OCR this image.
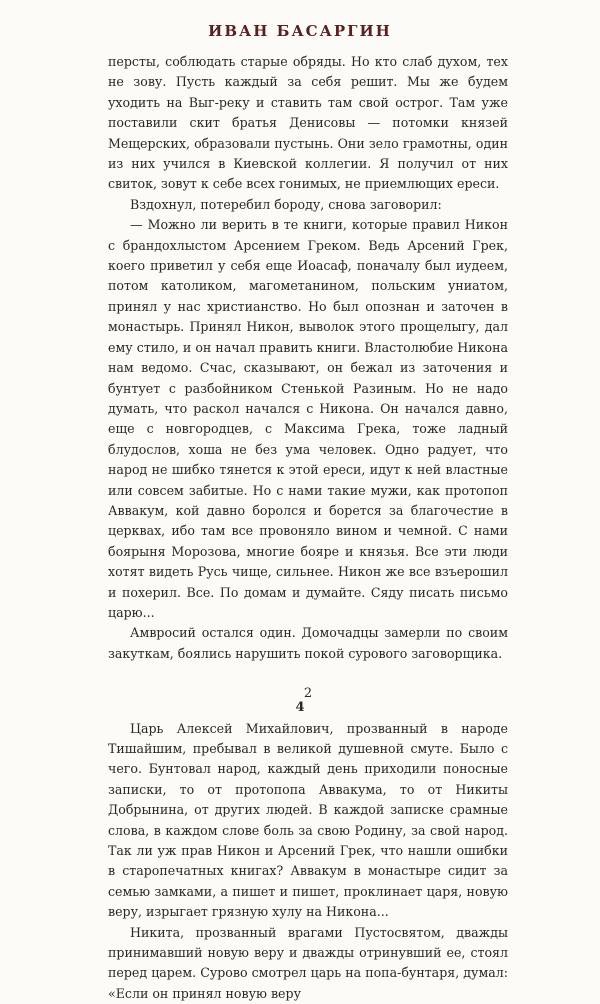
ИВАН БАСАРГИН

персты, соблюдать старые обряды. Но кто слаб духом, тех не зову. Пусть каждый за себя решит. Мы же будем уходить на Выг-реку и ставить там свой острог. Там уже поставили скит братья Денисовы — потомки князей Мещерских, образовали пустынь. Они зело грамотны, один из них учился в Киевской коллегии. Я получил от них свиток, зовут к себе всех гонимых, не приемлющих ереси.

Вздохнул, потеребил бороду, снова заговорил:

— Можно ли верить в те книги, которые правил Никон с брандохлыстом Арсением Греком. Ведь Арсений Грек, коего приветил у себя еще Иоасаф, поначалу был иудеем, потом католиком, магометанином, польским униатом, принял у нас христианство. Но был опознан и заточен в монастырь. Принял Никон, выволок этого прощелыгу, дал ему стило, и он начал править книги. Властолюбие Никона нам ведомо. Счас, сказывают, он бежал из заточения и бунтует с разбойником Стенькой Разиным. Но не надо думать, что раскол начался с Никона. Он начался давно, еще с новгородцев, с Максима Грека, тоже ладный блудослов, хоша не без ума человек. Одно радует, что народ не шибко тянется к этой ереси, идут к ней властные или совсем забитые. Но с нами такие мужи, как протопоп Аввакум, кой давно боролся и борется за благочестие в церквах, ибо там все провоняло вином и чемной. С нами боярыня Морозова, многие бояре и князья. Все эти люди хотят видеть Русь чище, сильнее. Никон же все взъерошил и похерил. Все. По домам и думайте. Сяду писать письмо царю...

Амвросий остался один. Домочадцы замерли по своим закуткам, боялись нарушить покой сурового заговорщика.

2

Царь Алексей Михайлович, прозванный в народе Тишайшим, пребывал в великой душевной смуте. Было с чего. Бунтовал народ, каждый день приходили поносные записки, то от протопопа Аввакума, то от Никиты Добрынина, от других людей. В каждой записке срамные слова, в каждом слове боль за свою Родину, за свой народ. Так ли уж прав Никон и Арсений Грек, что нашли ошибки в старопечатных книгах? Аввакум в монастыре сидит за семью замками, а пишет и пишет, проклинает царя, новую веру, изрыгает грязную хулу на Никона...

Никита, прозванный врагами Пустосвятом, дважды принимавший новую веру и дважды отринувший ее, стоял перед царем. Сурово смотрел царь на попа-бунтаря, думал: «Если он принял новую веру

4
